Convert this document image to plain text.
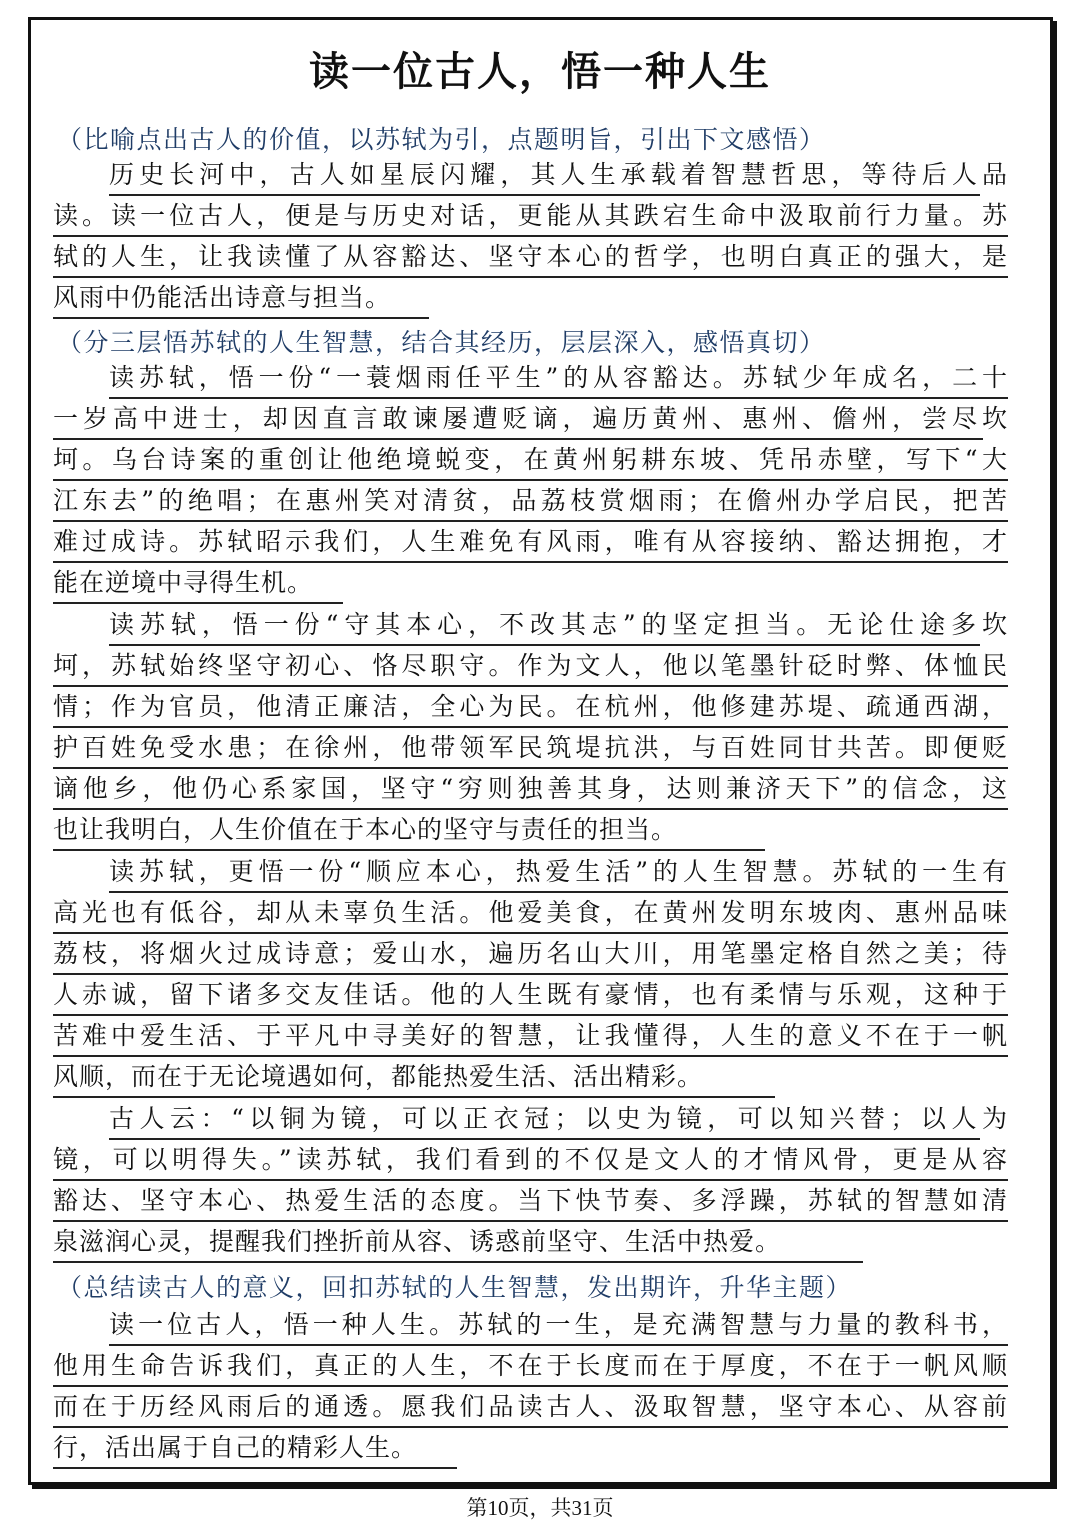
读一位古人，悟一种人生
（比喻点出古人的价值，以苏轼为引，点题明旨，引出下文感悟）
历史长河中，古人如星辰闪耀，其人生承载着智慧哲思，等待后人品
读。读一位古人，便是与历史对话，更能从其跌宕生命中汲取前行力量。苏
轼的人生，让我读懂了从容豁达、坚守本心的哲学，也明白真正的强大，是
风雨中仍能活出诗意与担当。
（分三层悟苏轼的人生智慧，结合其经历，层层深入，感悟真切）
读苏轼，悟一份“一蓑烟雨任平生”的从容豁达。苏轼少年成名，二十
一岁高中进士，却因直言敢谏屡遭贬谪，遍历黄州、惠州、儋州，尝尽坎
坷。乌台诗案的重创让他绝境蜕变，在黄州躬耕东坡、凭吊赤壁，写下“大
江东去”的绝唱；在惠州笑对清贫，品荔枝赏烟雨；在儋州办学启民，把苦
难过成诗。苏轼昭示我们，人生难免有风雨，唯有从容接纳、豁达拥抱，才
能在逆境中寻得生机。
读苏轼，悟一份“守其本心，不改其志”的坚定担当。无论仕途多坎
坷，苏轼始终坚守初心、恪尽职守。作为文人，他以笔墨针砭时弊、体恤民
情；作为官员，他清正廉洁，全心为民。在杭州，他修建苏堤、疏通西湖，
护百姓免受水患；在徐州，他带领军民筑堤抗洪，与百姓同甘共苦。即便贬
谪他乡，他仍心系家国，坚守“穷则独善其身，达则兼济天下”的信念，这
也让我明白，人生价值在于本心的坚守与责任的担当。
读苏轼，更悟一份“顺应本心，热爱生活”的人生智慧。苏轼的一生有
高光也有低谷，却从未辜负生活。他爱美食，在黄州发明东坡肉、惠州品味
荔枝，将烟火过成诗意；爱山水，遍历名山大川，用笔墨定格自然之美；待
人赤诚，留下诸多交友佳话。他的人生既有豪情，也有柔情与乐观，这种于
苦难中爱生活、于平凡中寻美好的智慧，让我懂得，人生的意义不在于一帆
风顺，而在于无论境遇如何，都能热爱生活、活出精彩。
古人云：“以铜为镜，可以正衣冠；以史为镜，可以知兴替；以人为
镜，可以明得失。”读苏轼，我们看到的不仅是文人的才情风骨，更是从容
豁达、坚守本心、热爱生活的态度。当下快节奏、多浮躁，苏轼的智慧如清
泉滋润心灵，提醒我们挫折前从容、诱惑前坚守、生活中热爱。
（总结读古人的意义，回扣苏轼的人生智慧，发出期许，升华主题）
读一位古人，悟一种人生。苏轼的一生，是充满智慧与力量的教科书，
他用生命告诉我们，真正的人生，不在于长度而在于厚度，不在于一帆风顺
而在于历经风雨后的通透。愿我们品读古人、汲取智慧，坚守本心、从容前
行，活出属于自己的精彩人生。
第10页，共31页
